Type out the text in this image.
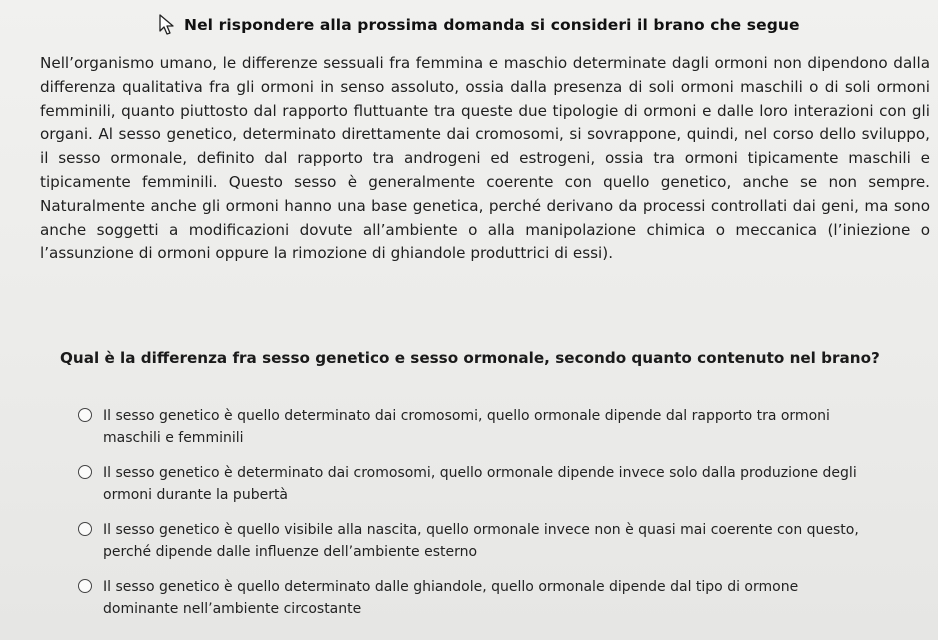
Nel rispondere alla prossima domanda si consideri il brano che segue
Nell’organismo umano, le differenze sessuali fra femmina e maschio determinate dagli ormoni non dipendono dalla differenza qualitativa fra gli ormoni in senso assoluto, ossia dalla presenza di soli ormoni maschili o di soli ormoni femminili, quanto piuttosto dal rapporto fluttuante tra queste due tipologie di ormoni e dalle loro interazioni con gli organi. Al sesso genetico, determinato direttamente dai cromosomi, si sovrappone, quindi, nel corso dello sviluppo, il sesso ormonale, definito dal rapporto tra androgeni ed estrogeni, ossia tra ormoni tipicamente maschili e tipicamente femminili. Questo sesso è generalmente coerente con quello genetico, anche se non sempre. Naturalmente anche gli ormoni hanno una base genetica, perché derivano da processi controllati dai geni, ma sono anche soggetti a modificazioni dovute all’ambiente o alla manipolazione chimica o meccanica (l’iniezione o l’assunzione di ormoni oppure la rimozione di ghiandole produttrici di essi).
Qual è la differenza fra sesso genetico e sesso ormonale, secondo quanto contenuto nel brano?
Il sesso genetico è quello determinato dai cromosomi, quello ormonale dipende dal rapporto tra ormoni maschili e femminili
Il sesso genetico è determinato dai cromosomi, quello ormonale dipende invece solo dalla produzione degli ormoni durante la pubertà
Il sesso genetico è quello visibile alla nascita, quello ormonale invece non è quasi mai coerente con questo, perché dipende dalle influenze dell’ambiente esterno
Il sesso genetico è quello determinato dalle ghiandole, quello ormonale dipende dal tipo di ormone dominante nell’ambiente circostante
